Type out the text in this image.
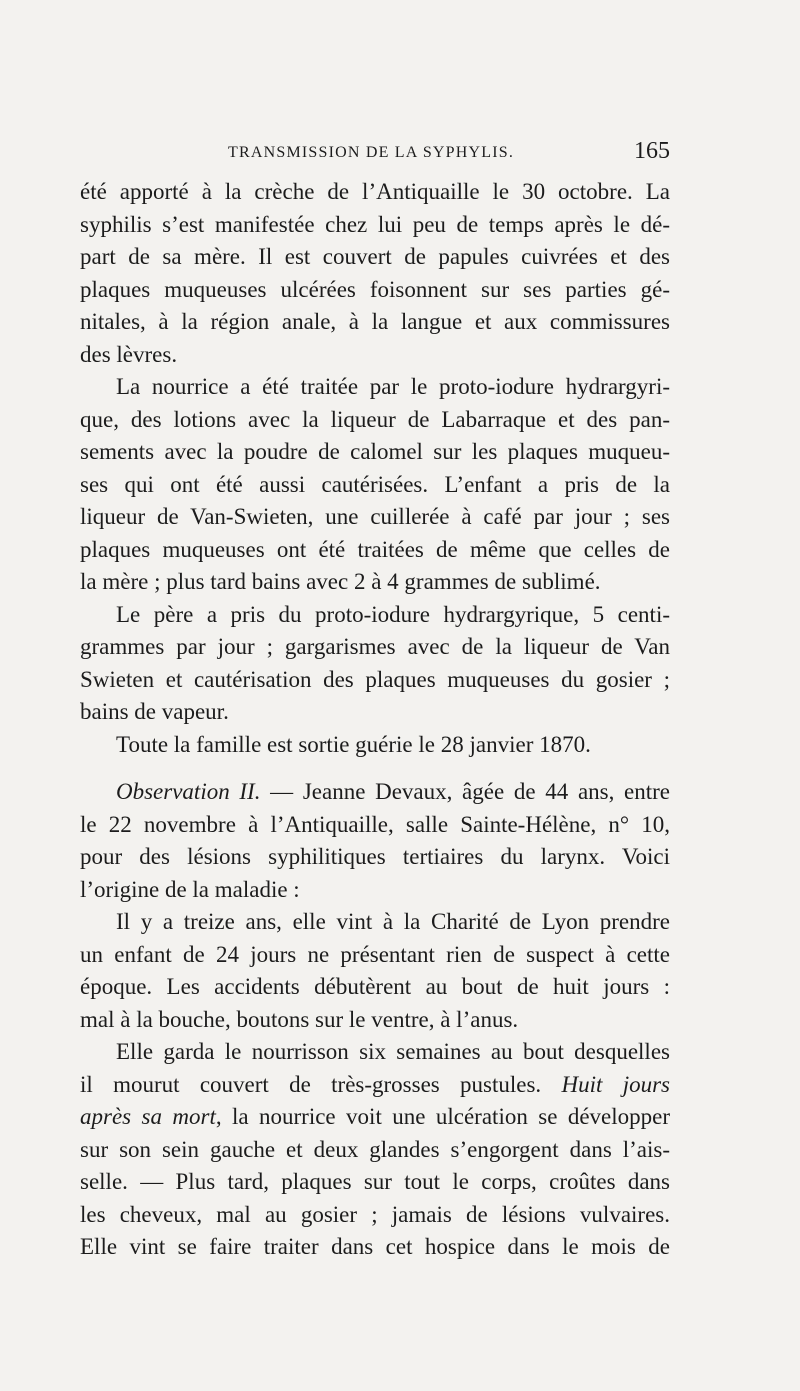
TRANSMISSION DE LA SYPHYLIS.	165
été apporté à la crèche de l’Antiquaille le 30 octobre. La
syphilis s’est manifestée chez lui peu de temps après le dé-
part de sa mère. Il est couvert de papules cuivrées et des
plaques muqueuses ulcérées foisonnent sur ses parties gé-
nitales, à la région anale, à la langue et aux commissures
des lèvres.
La nourrice a été traitée par le proto-iodure hydrargyri-
que, des lotions avec la liqueur de Labarraque et des pan-
sements avec la poudre de calomel sur les plaques muqueu-
ses qui ont été aussi cautérisées. L’enfant a pris de la
liqueur de Van-Swieten, une cuillerée à café par jour ; ses
plaques muqueuses ont été traitées de même que celles de
la mère ; plus tard bains avec 2 à 4 grammes de sublimé.
Le père a pris du proto-iodure hydrargyrique, 5 centi-
grammes par jour ; gargarismes avec de la liqueur de Van
Swieten et cautérisation des plaques muqueuses du gosier ;
bains de vapeur.
Toute la famille est sortie guérie le 28 janvier 1870.
Observation II. — Jeanne Devaux, âgée de 44 ans, entre
le 22 novembre à l’Antiquaille, salle Sainte-Hélène, n° 10,
pour des lésions syphilitiques tertiaires du larynx. Voici
l’origine de la maladie :
Il y a treize ans, elle vint à la Charité de Lyon prendre
un enfant de 24 jours ne présentant rien de suspect à cette
époque. Les accidents débutèrent au bout de huit jours :
mal à la bouche, boutons sur le ventre, à l’anus.
Elle garda le nourrisson six semaines au bout desquelles
il mourut couvert de très-grosses pustules. Huit jours
après sa mort, la nourrice voit une ulcération se développer
sur son sein gauche et deux glandes s’engorgent dans l’ais-
selle. — Plus tard, plaques sur tout le corps, croûtes dans
les cheveux, mal au gosier ; jamais de lésions vulvaires.
Elle vint se faire traiter dans cet hospice dans le mois de
